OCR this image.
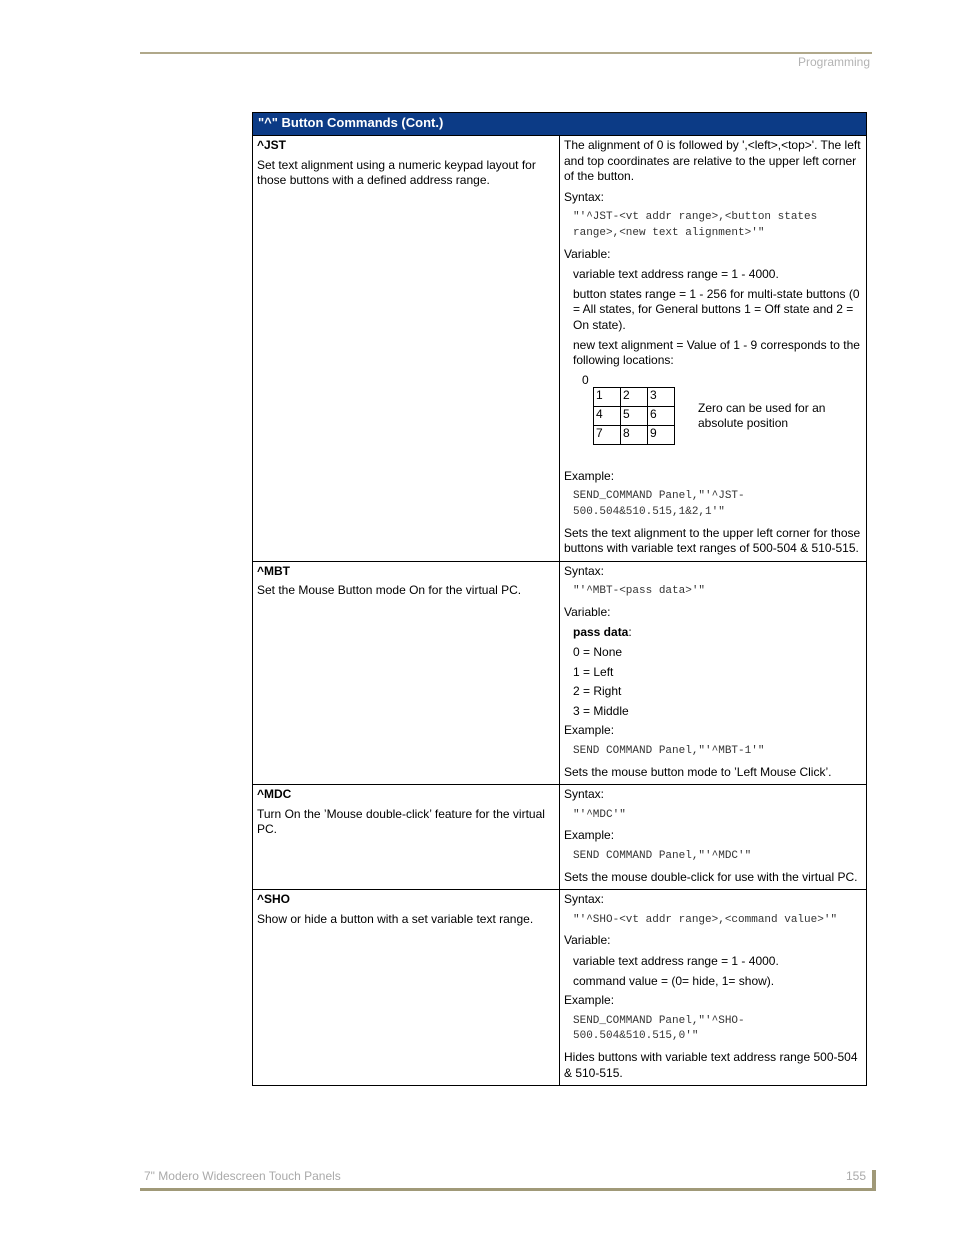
Programming
"^" Button Commands (Cont.)

^JST
Set text alignment using a numeric keypad layout for those buttons with a defined address range.

The alignment of 0 is followed by ',<left>,<top>'. The left and top coordinates are relative to the upper left corner of the button.
Syntax:
"'^JST-<vt addr range>,<button states range>,<new text alignment>'"
Variable:
variable text address range = 1 - 4000.
button states range = 1 - 256 for multi-state buttons (0 = All states, for General buttons 1 = Off state and 2 = On state).
new text alignment = Value of 1 - 9 corresponds to the following locations:
0
1	2	3
4	5	6
7	8	9
Zero can be used for an absolute position
Example:
SEND_COMMAND Panel,"'^JST-500.504&510.515,1&2,1'"
Sets the text alignment to the upper left corner for those buttons with variable text ranges of 500-504 & 510-515.

^MBT
Set the Mouse Button mode On for the virtual PC.

Syntax:
"'^MBT-<pass data>'"
Variable:
pass data:
0 = None
1 = Left
2 = Right
3 = Middle
Example:
SEND COMMAND Panel,"'^MBT-1'"
Sets the mouse button mode to ’Left Mouse Click’.

^MDC
Turn On the ’Mouse double-click’ feature for the virtual PC.

Syntax:
"'^MDC'"
Example:
SEND COMMAND Panel,"'^MDC'"
Sets the mouse double-click for use with the virtual PC.

^SHO
Show or hide a button with a set variable text range.

Syntax:
"'^SHO-<vt addr range>,<command value>'"
Variable:
variable text address range = 1 - 4000.
command value = (0= hide, 1= show).
Example:
SEND_COMMAND Panel,"'^SHO-500.504&510.515,0'"
Hides buttons with variable text address range 500-504 & 510-515.
7" Modero Widescreen Touch Panels	155
